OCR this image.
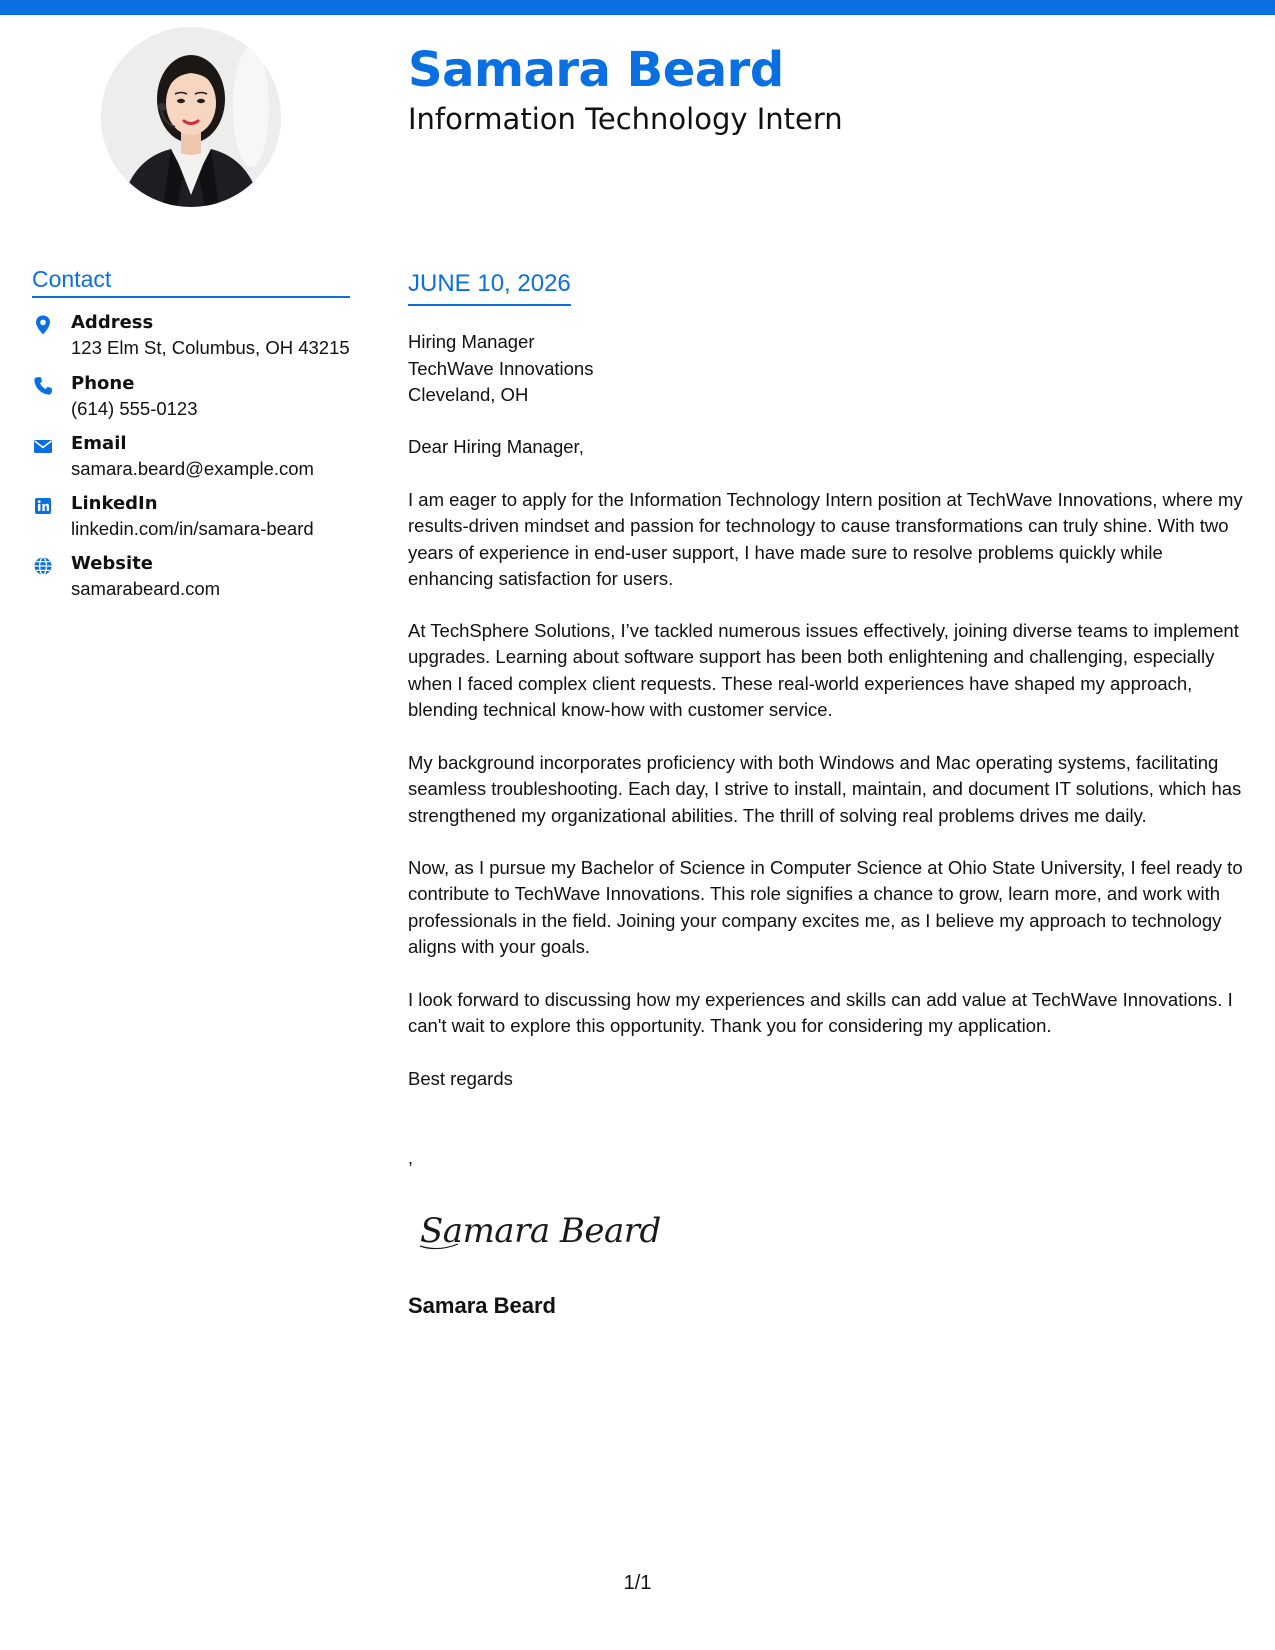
Samara Beard
Information Technology Intern
Contact
Address
123 Elm St, Columbus, OH 43215
Phone
(614) 555-0123
Email
samara.beard@example.com
LinkedIn
linkedin.com/in/samara-beard
Website
samarabeard.com
JUNE 10, 2026
Hiring Manager
TechWave Innovations
Cleveland, OH

Dear Hiring Manager,

I am eager to apply for the Information Technology Intern position at TechWave Innovations, where my results-driven mindset and passion for technology to cause transformations can truly shine. With two years of experience in end-user support, I have made sure to resolve problems quickly while enhancing satisfaction for users.

At TechSphere Solutions, I’ve tackled numerous issues effectively, joining diverse teams to implement upgrades. Learning about software support has been both enlightening and challenging, especially when I faced complex client requests. These real-world experiences have shaped my approach, blending technical know-how with customer service.

My background incorporates proficiency with both Windows and Mac operating systems, facilitating seamless troubleshooting. Each day, I strive to install, maintain, and document IT solutions, which has strengthened my organizational abilities. The thrill of solving real problems drives me daily.

Now, as I pursue my Bachelor of Science in Computer Science at Ohio State University, I feel ready to contribute to TechWave Innovations. This role signifies a chance to grow, learn more, and work with professionals in the field. Joining your company excites me, as I believe my approach to technology aligns with your goals.

I look forward to discussing how my experiences and skills can add value at TechWave Innovations. I can't wait to explore this opportunity. Thank you for considering my application.

Best regards

,
Samara Beard
Samara Beard
1/1
